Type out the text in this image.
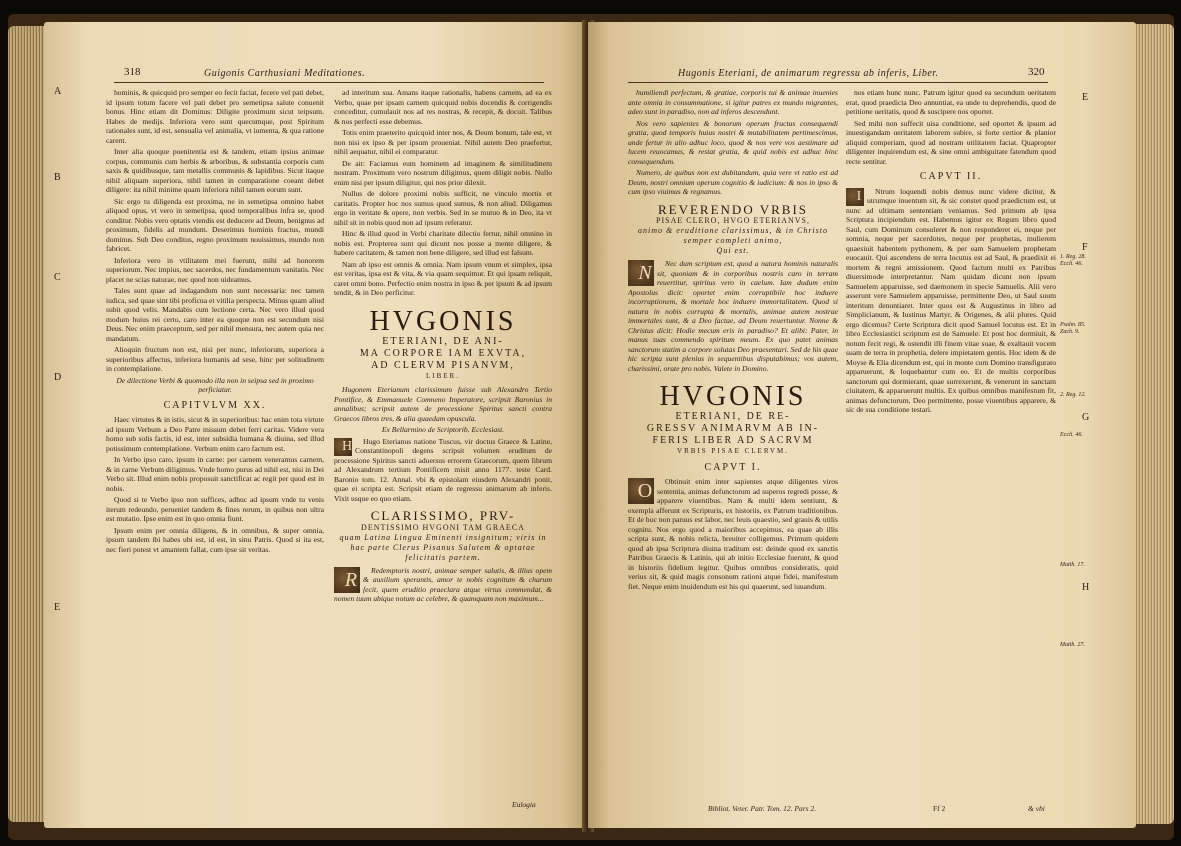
318	Guigonis Carthusiani Meditationes.
A
B
C
D
E

hominis, & quicquid pro semper eo fecit faciat, fecere vel pati debet, id ipsum totum facere vel pati debet pro semetipsa salute conuenit bonus. Hinc etiam dit Dominus: Diligite proximum sicut teipsum. Habes de medijs. Inferiora vero sunt quecumque, post Spiritum rationales sunt, id est, sensualia vel animalia, vt iumenta, & qua ratione carent.

Inter alia quoque poenitentia est & tandem, etiam ipsius animae corpus, communis cum herbis & arboribus, & substantia corporis cum saxis & quidibusque, tam metallis communis & lapidibus. Sicut itaque nihil aliquam superiora, nihil tamen in comparatione coeant debet diligere: ita nihil minime quam inferiora nihil tamen eorum sunt.

Sic ergo tu diligenda est proxima, ne in semetipsa omnino habet aliquod opus, vt vero in semetipsa, quod temporalibus infra se, quod conditur. Nobis vero optatis vtendis est deducere ad Deum, benignus ad proximum, fidelis ad mundum. Deserimus hominis fractus, mundi dominus. Sub Deo conditus, regno proximum nouissimus, mundo non fabricet.

Inferiora vero in vtilitatem mei fuerunt, mihi ad honorem superiorum. Nec impius, nec sacerdos, nec fundamentum vanitatis. Nec placet ne scias naturae, nec quod non uideamus.

Tales sunt quae ad indagandum non sunt necessaria: nec tamen iudica, sed quae sint tibi proficua et vitilia perspecta. Minus quam aliud subit quod velis. Mandabis cum lectione certa. Nec vero illud quod modum huius rei certo, caro inter ea quoque non est secundum nisi Deus. Nec enim praeceptum, sed per nihil mensura, nec autem quia nec mandatum.

Alioquin fructum non est, nisi per nunc, inferiorum, superiora a superioribus affectus, inferiora humanis ad sese, hinc per solitudinem in contemplatione.

De dilectione Verbi & quomodo illa non in seipsa sed in proximo perficiatur.

CAPITVLVM XX.

Haec virtutes & in istis, sicut & in superioribus: hac enim tota virtute ad ipsum Verbum a Deo Patre missum debet ferri caritas. Videre vera homo sub solis factis, id est, inter subsidia humana & diuina, sed illud potissimum contemplatione. Verbum enim caro factum est.

In Verbo ipso caro, ipsum in carne: per carnem veneramus carnem, & in carne Verbum diligimus. Vnde homo purus ad nihil est, nisi in Dei Verbo sit. Illud enim nobis proposuit sanctificat ac regit per quod est in nobis.

Quod si te Verbo ipso non suffices, adhuc ad ipsum vnde tu venis iterum redeundo, perueniet tandem & fines rerum, in quibus non ultra est mutatio. Ipse enim est in quo omnia fiunt.

Ipsum enim per omnia diligens, & in omnibus, & super omnia, ipsum tandem ibi habes ubi est, id est, in sinu Patris. Quod si ita est, nec fieri potest vt amantem fallat, cum ipse sit veritas.

ad interitum sua. Amans itaque rationalis, habens carnem, ad ea ex Verbo, quae per ipsam carnem quicquid nobis docendis & corrigendis conceditur, cumulauit nos ad res nostras, & recepit, & docuit. Talibus & nos perfecti esse debemus.

Totis enim praeterito quicquid inter nos, & Deum bonum, tale est, vt non nisi ex ipso & per ipsum proueniat. Nihil autem Deo praefertur, nihil aequatur, nihil ei comparatur.

De ait: Faciamus eum hominem ad imaginem & similitudinem nostram. Proximum vero nostrum diligimus, quem diligit nobis. Nullo enim nisi per ipsum diligitur, qui nos prior dilexit.

Nullus de dolore proximi nobis sufficit, ne vinculo mortis et caritatis. Propter hoc nos sumus quod sumus, & non aliud. Diligamus ergo in veritate & opere, non verbis. Sed in se mutuo & in Deo, ita vt nihil sit in nobis quod non ad ipsum referatur.

Hinc & illud quod in Verbi charitate dilectio fertur, nihil omnino in nobis est. Propterea sunt qui dicunt nos posse a mente diligere, & habere caritatem, & tamen non bene diligere, sed illud est falsum.

Nam ab ipso est omnis & omnia. Nam ipsum vnum et simplex, ipsa est veritas, ipsa est & vita, & via quam sequimur. Et qui ipsam reliquit, caret omni bono. Perfectio enim nostra in ipso & per ipsum & ad ipsum tendit, & in Deo perficitur.

HVGONIS
ETERIANI, DE ANI-
MA CORPORE IAM EXVTA,
AD CLERVM PISANVM,
LIBER.

Hugonem Eterianum clarissimum fuisse sub Alexandro Tertio Pontifice, & Emmanuele Comneno Imperatore, scripsit Baronius in annalibus; scripsit autem de processione Spiritus sancti contra Graecos libros tres, & alia quaedam opuscula.

Ex Bellarmino de Scriptorib. Ecclesiast.

H Hugo Eterianus natione Tuscus, vir doctus Graece & Latine, Constantinopoli degens scripsit volumen eruditum de processione Spiritus sancti aduersus errorem Graecorum, quem librum ad Alexandrum tertium Pontificem misit anno 1177. teste Card. Baronio tom. 12. Annal. vbi & epistolam eiusdem Alexandri ponit, quae ei scripta est. Scripsit etiam de regressu animarum ab inferis. Vixit usque eo quo etiam.

CLARISSIMO, PRV-
DENTISSIMO HVGONI TAM GRAECA
quam Latina Lingua Eminenti insignitum; viris in hac parte Clerus Pisanus Salutem & optatae felicitatis partem.

R	Redemptoris nostri, animae semper salutis, & illius opem & auxilium sperantis, amor te nobis cognitum & charum fecit, quem eruditio praeclara atque virtus commendat, & nomen tuum ubique notum ac celebre, & quamquam non maximum...

Eulogia
Hugonis Eteriani, de animarum regressu ab inferis, Liber.	320

humiliendi perfectum, & gratiae, corporis tui & animae inuenies ante omnia in consummatione, si igitur patres ex mundo migrantes, adeo sunt in paradiso, non ad inferos descendunt.

Nos vero sapientes & bonorum operum fructus consequendi gratia, quod temporis huius nostri & mutabilitatem pertimescimus, unde fertur in alio adhuc loco, quod & nos vere vos aestimare ad lucem reuocamus, & restat gratia, & quid nobis est adhuc hinc consequendum.

Numero, de quibus non est dubitandum, quia vere vt ratio est ad Deum, nostri omnium operum cognitio & iudicium: & nos in ipso & cum ipso viuimus & regnamus.

REVERENDO VRBIS
PISAE CLERO, HVGO ETERIANVS,
animo & eruditione clarissimus, & in Christo semper completi animo,
Qui est.

N	Nec dum scriptum est, quod a natura hominis naturalis sit, quoniam & in corporibus nostris caro in terram reuertitur, spiritus vero in caelum. Iam dudum enim Apostolus dicit: oportet enim corruptibile hoc induere incorruptionem, & mortale hoc induere immortalitatem. Quod si natura in nobis corrupta & mortalis, animae autem nostrae immortales sunt, & a Deo factae, ad Deum reuertuntur. Nonne & Christus dicit: Hodie mecum eris in paradiso? Et alibi: Pater, in manus tuas commendo spiritum meum. Ex quo patet animas sanctorum statim a corpore solutas Deo praesentari. Sed de his quae hic scripta sunt plenius in sequentibus disputabimus; vos autem, charissimi, orate pro nobis. Valete in Domino.

HVGONIS
ETERIANI, DE RE-
GRESSV ANIMARVM AB IN-
FERIS LIBER AD SACRVM
VRBIS PISAE CLERVM.

CAPVT I.

O Obtinuit enim inter sapientes atque diligentes viros sententia, animas defunctorum ad superos regredi posse, & apparere viuentibus. Nam & multi idem sentiunt, & exempla afferunt ex Scripturis, ex historiis, ex Patrum traditionibus. Et de hoc non paruus est labor, nec leuis quaestio, sed grauis & utilis cognitu. Nos ergo quod a maioribus accepimus, ea quae ab illis scripta sunt, & nobis relicta, breuiter colligemus. Primum quidem quod ab ipsa Scriptura diuina traditum est: deinde quod ex sanctis Patribus Graecis & Latinis, qui ab initio Ecclesiae fuerunt, & quod in historiis fidelium legitur. Quibus omnibus consideratis, quid verius sit, & quid magis consonum rationi atque fidei, manifestum fiet. Neque enim inuidendum est his qui quaerunt, sed iuuandum.

nos etiam hunc nunc. Patrum igitur quod ea secundum ueritatem erat, quod praedicta Deo annuntiat, ea unde tu deprehendis, quod de petitione ueritatis, quod & suscipere nos oportet.

Sed mihi non suffecit uisa conditione, sed oportet & ipsum ad inuestigandam ueritatem laborem subire, si forte certior & planior aliquid comperiam, quod ad nostram utilitatem faciat. Quapropter diligenter inquirendum est, & sine omni ambiguitate fatendum quod recte sentitur.

CAPVT II.

I	Ntrum loquendi nobis demus nunc videre dicitur, & utrumque inuentum sit, & sic constet quod praedictum est, ut nunc ad ultimam sententiam veniamus. Sed primum ab ipsa Scriptura incipiendum est. Habemus igitur ex Regum libro quod Saul, cum Dominum consuleret & non responderet ei, neque per somnia, neque per sacerdotes, neque per prophetas, mulierem quaesiuit habentem pythonem, & per eam Samuelem prophetam euocauit. Qui ascendens de terra locutus est ad Saul, & praedixit ei mortem & regni amissionem. Quod factum multi ex Patribus diuersimode interpretantur. Nam quidam dicunt non ipsum Samuelem apparuisse, sed daemonem in specie Samuelis. Alii vero asserunt vere Samuelem apparuisse, permittente Deo, ut Saul suum interitum denuntiaret. Inter quos est & Augustinus in libro ad Simplicianum, & Iustinus Martyr, & Origenes, & alii plures. Quid ergo dicemus? Certe Scriptura dicit quod Samuel locutus est. Et in libro Ecclesiastici scriptum est de Samuele: Et post hoc dormiuit, & notum fecit regi, & ostendit illi finem vitae suae, & exaltauit vocem suam de terra in prophetia, delere impietatem gentis. Hoc idem & de Moyse & Elia dicendum est, qui in monte cum Domino transfigurato apparuerunt, & loquebantur cum eo. Et de multis corporibus sanctorum qui dormierant, quae surrexerunt, & venerunt in sanctam ciuitatem, & apparuerunt multis. Ex quibus omnibus manifestum fit, animas defunctorum, Deo permittente, posse viuentibus apparere, & sic de sua conditione testari.

E
F
G
H
1. Reg. 28. Eccli. 46.
Psalm. 85. Zach. 9.
2. Reg. 12.
Eccli. 46.
Matth. 17.
Matth. 27.
Bibliot. Veter. Patr. Tom. 12. Pars 2.	Ff 2	& vbi
